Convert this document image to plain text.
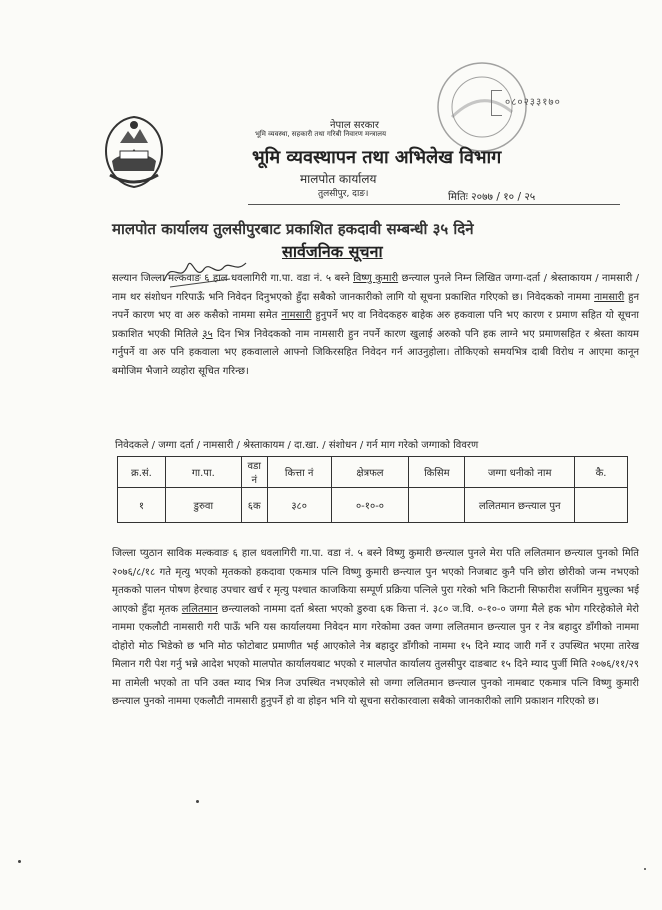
नेपाल सरकार
भूमि व्यवस्था, सहकारी तथा गरिबी निवारण मन्त्रालय
भूमि व्यवस्थापन तथा अभिलेख विभाग
मालपोत कार्यालय
तुलसीपुर, दाङ।
०८०२३३१७०
मितिः २०७७ / १० / २५
मालपोत कार्यालय तुलसीपुरबाट प्रकाशित हकदावी सम्बन्धी ३५ दिने
सार्वजनिक सूचना
सल्यान जिल्ला मल्कवाङ ६ हाल धवलागिरी गा.पा. वडा नं. ५ बस्ने विष्णु कुमारी छन्त्याल पुनले निम्न लिखित जग्गा-दर्ता / श्रेस्ताकायम / नामसारी / नाम थर संशोधन गरिपाऊँ भनि निवेदन दिनुभएको हुँदा सबैको जानकारीको लागि यो सूचना प्रकाशित गरिएको छ। निवेदकको नाममा नामसारी हुन नपर्ने कारण भए वा अरु कसैको नाममा समेत नामसारी हुनुपर्ने भए वा निवेदकहरु बाहेक अरु हकवाला पनि भए कारण र प्रमाण सहित यो सूचना प्रकाशित भएकी मितिले ३५ दिन भित्र निवेदकको नाम नामसारी हुन नपर्ने कारण खुलाई अरुको पनि हक लाग्ने भए प्रमाणसहित र श्रेस्ता कायम गर्नुपर्ने वा अरु पनि हकवाला भए हकवालाले आफ्नो जिकिरसहित निवेदन गर्न आउनुहोला। तोकिएको समयभित्र दाबी विरोध न आएमा कानून बमोजिम भैजाने व्यहोरा सूचित गरिन्छ।
निवेदकले / जग्गा दर्ता / नामसारी / श्रेस्ताकायम / दा.खा. / संशोधन / गर्न माग गरेको जग्गाको विवरण
क्र.सं.	गा.पा.	वडा नं	कित्ता नं	क्षेत्रफल	किसिम	जग्गा धनीको नाम	कै.
१	डुरुवा	६क	३८०	०-१०-०		ललितमान छन्त्याल पुन	
जिल्ला प्युठान साविक मल्कवाङ ६ हाल धवलागिरी गा.पा. वडा नं. ५ बस्ने विष्णु कुमारी छन्त्याल पुनले मेरा पति ललितमान छन्त्याल पुनको मिति २०७६/८/१८ गते मृत्यु भएको मृतकको हकदावा एकमात्र पत्नि विष्णु कुमारी छन्त्याल पुन भएको निजबाट कुनै पनि छोरा छोरीको जन्म नभएको मृतकको पालन पोषण हेरचाह उपचार खर्च र मृत्यु पश्चात काजकिया सम्पूर्ण प्रक्रिया पत्निले पुरा गरेको भनि किटानी सिफारीश सर्जमिन मुचुल्का भई आएको हुँदा मृतक ललितमान छन्त्यालको नाममा दर्ता श्रेस्ता भएको डुरुवा ६क कित्ता नं. ३८० ज.वि. ०-१०-० जग्गा मैले हक भोग गरिरहेकोले मेरो नाममा एकलौटी नामसारी गरी पाऊँ भनि यस कार्यालयमा निवेदन माग गरेकोमा उक्त जग्गा ललितमान छन्त्याल पुन र नेत्र बहादुर डाँगीको नाममा दोहोरो मोठ भिडेको छ भनि मोठ फोटोबाट प्रमाणीत भई आएकोले नेत्र बहादुर डाँगीको नाममा १५ दिने म्याद जारी गर्ने र उपस्थित भएमा तारेख मिलान गरी पेश गर्नु भन्ने आदेश भएको मालपोत कार्यालयबाट भएको र मालपोत कार्यालय तुलसीपुर दाङबाट १५ दिने म्याद पुर्जी मिति २०७६/११/२९ मा तामेली भएको ता पनि उक्त म्याद भित्र निज उपस्थित नभएकोले सो जग्गा ललितमान छन्त्याल पुनको नामबाट एकमात्र पत्नि विष्णु कुमारी छन्त्याल पुनको नाममा एकलौटी नामसारी हुनुपर्ने हो वा होइन भनि यो सूचना सरोकारवाला सबैको जानकारीको लागि प्रकाशन गरिएको छ।
